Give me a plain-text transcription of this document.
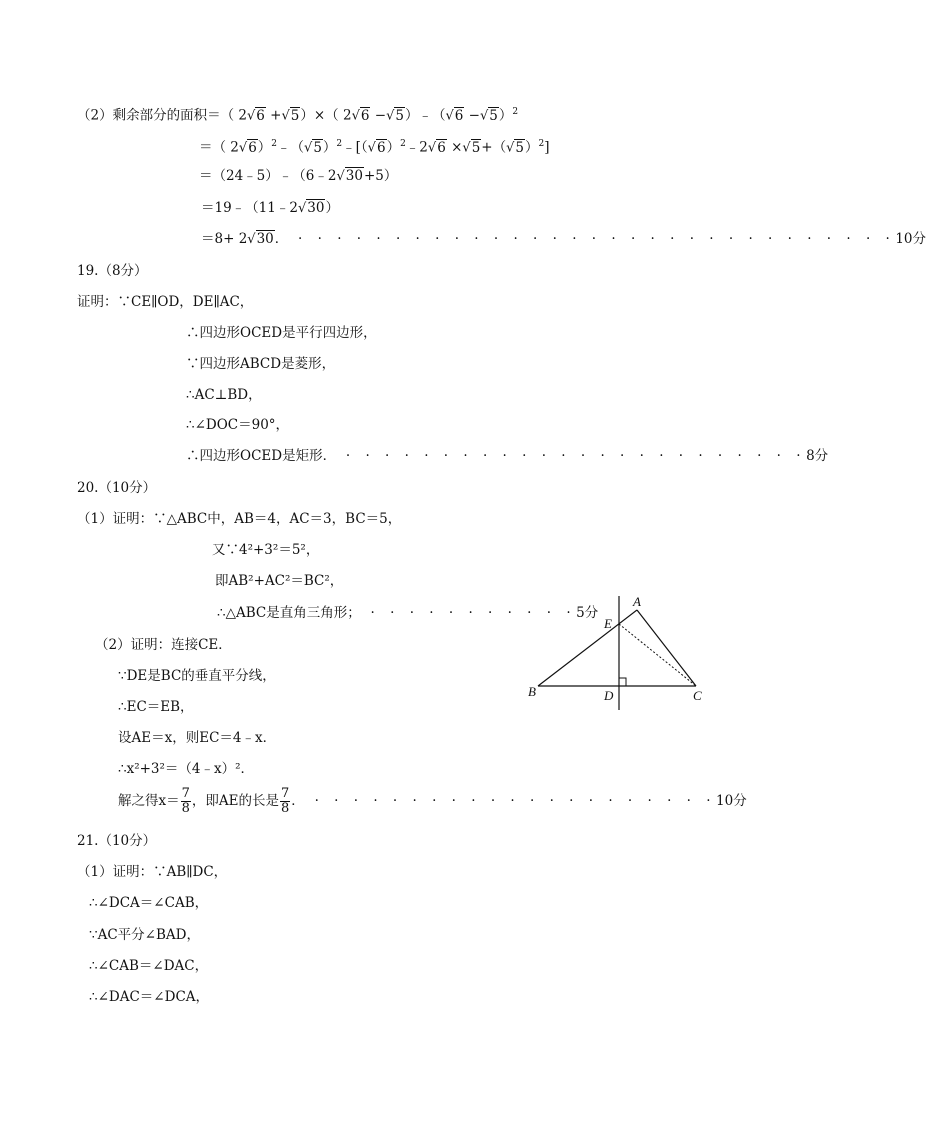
（2）剩余部分的面积＝（ 2√6 +√5）×（ 2√6 −√5）﹣（√6 −√5）$^2$
＝（ $2√6)^2﹣(√5)^2﹣[(√6)^2﹣2√6 \times√5+(√5)^2]$
＝（24﹣5）﹣（6﹣2√30+5）
＝19﹣（11﹣2√30）
＝8+ 2√30． · · · · · · · · · · · · · · · · · · · · · · · · · · · · · · ·10分
19.（8分）
证明：∵CE∥OD，DE∥AC，
∴四边形OCED是平行四边形，
∵四边形ABCD是菱形，
∴AC⊥BD，
∴∠DOC＝90°，
∴四边形OCED是矩形． · · · · · · · · · · · · · · · · · · · · · · · ·8分
20.（10分）
（1）证明：∵△ABC中，AB＝4，AC＝3，BC＝5，
又∵4²+3²＝5²，
即AB²+AC²＝BC²，
∴△ABC是直角三角形； · · · · · · · · · · ·5分
（2）证明：连接CE．
∵DE是BC的垂直平分线，
∴EC＝EB，
设AE＝x，则EC＝4﹣x．
∴x²+3²＝（4﹣x）²．
解之得$x= \frac{7}{8}$ ，即AE的长是 $\frac{7}{8}$ ． · · · · · · · · · · · · · · · · · · · · ·10分
21.（10分）
（1）证明：∵AB∥DC，
∴∠DCA＝∠CAB，
∵AC平分∠BAD，
∴∠CAB＝∠DAC，
∴∠DAC＝∠DCA，
A
B	C
D
E
